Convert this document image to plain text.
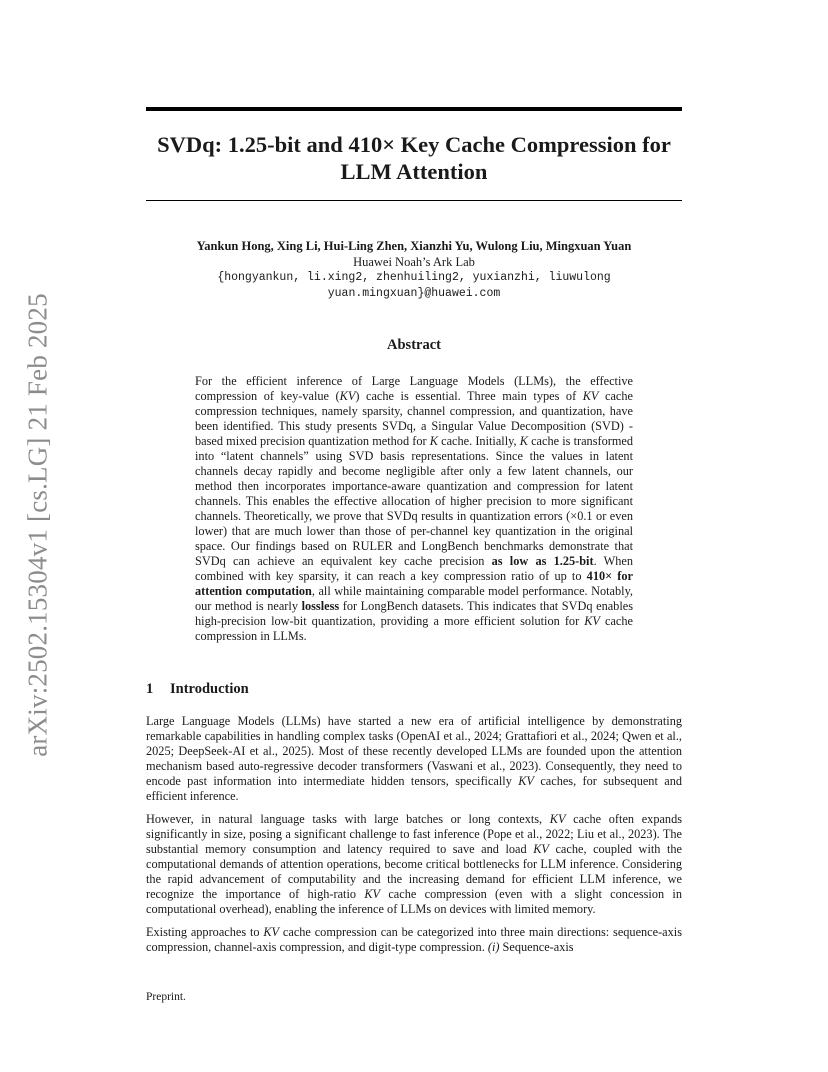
arXiv:2502.15304v1 [cs.LG] 21 Feb 2025
SVDq: 1.25-bit and 410× Key Cache Compression for
LLM Attention
Yankun Hong, Xing Li, Hui-Ling Zhen, Xianzhi Yu, Wulong Liu, Mingxuan Yuan
Huawei Noah’s Ark Lab
{hongyankun, li.xing2, zhenhuiling2, yuxianzhi, liuwulong
yuan.mingxuan}@huawei.com
Abstract

For the efficient inference of Large Language Models (LLMs), the effective compression of key-value (KV) cache is essential. Three main types of KV cache compression techniques, namely sparsity, channel compression, and quantization, have been identified. This study presents SVDq, a Singular Value Decomposition (SVD) - based mixed precision quantization method for K cache. Initially, K cache is transformed into “latent channels” using SVD basis representations. Since the values in latent channels decay rapidly and become negligible after only a few latent channels, our method then incorporates importance-aware quantization and compression for latent channels. This enables the effective allocation of higher precision to more significant channels. Theoretically, we prove that SVDq results in quantization errors (×0.1 or even lower) that are much lower than those of per-channel key quantization in the original space. Our findings based on RULER and LongBench benchmarks demonstrate that SVDq can achieve an equivalent key cache precision as low as 1.25-bit. When combined with key sparsity, it can reach a key compression ratio of up to 410× for attention computation, all while maintaining comparable model performance. Notably, our method is nearly lossless for LongBench datasets. This indicates that SVDq enables high-precision low-bit quantization, providing a more efficient solution for KV cache compression in LLMs.

1 Introduction

Large Language Models (LLMs) have started a new era of artificial intelligence by demonstrating remarkable capabilities in handling complex tasks (OpenAI et al., 2024; Grattafiori et al., 2024; Qwen et al., 2025; DeepSeek-AI et al., 2025). Most of these recently developed LLMs are founded upon the attention mechanism based auto-regressive decoder transformers (Vaswani et al., 2023). Consequently, they need to encode past information into intermediate hidden tensors, specifically KV caches, for subsequent and efficient inference.

However, in natural language tasks with large batches or long contexts, KV cache often expands significantly in size, posing a significant challenge to fast inference (Pope et al., 2022; Liu et al., 2023). The substantial memory consumption and latency required to save and load KV cache, coupled with the computational demands of attention operations, become critical bottlenecks for LLM inference. Considering the rapid advancement of computability and the increasing demand for efficient LLM inference, we recognize the importance of high-ratio KV cache compression (even with a slight concession in computational overhead), enabling the inference of LLMs on devices with limited memory.

Existing approaches to KV cache compression can be categorized into three main directions: sequence-axis compression, channel-axis compression, and digit-type compression. (i) Sequence-axis

Preprint.
